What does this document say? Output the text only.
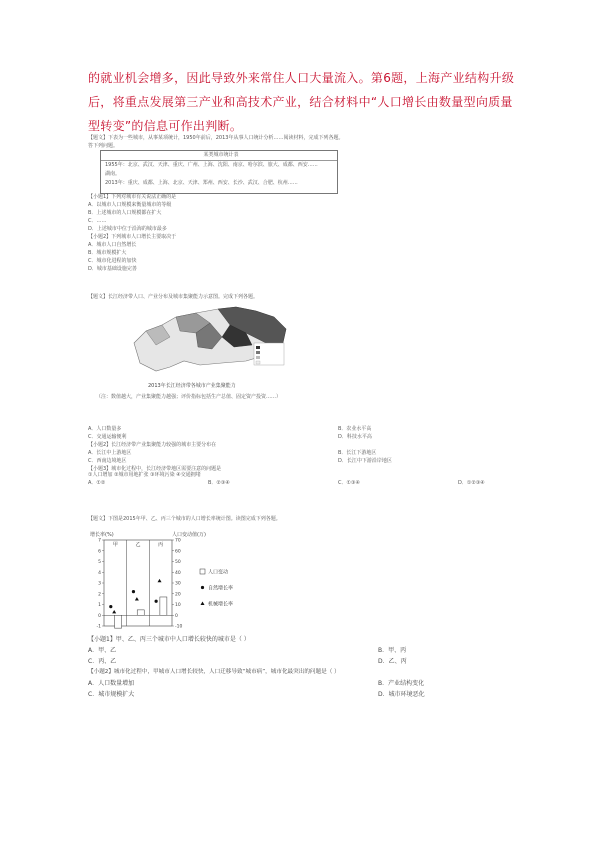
的就业机会增多，因此导致外来常住人口大量流入。第6题，上海产业结构升级后，将重点发展第三产业和高技术产业，结合材料中“人口增长由数量型向质量型转变”的信息可作出判断。
【题文】下表为一些城市，从事某项统计，1950年前后，2013年从事人口统计分析……阅读材料，完成下列各题。
答下列问题。
某类城市统计表
1955年：北京、武汉、天津、重庆、广州、上海、沈阳、南京、哈尔滨、旅大、成都、西安……
湖南。
2013年：重庆、成都、上海、北京、天津、郑州、西安、长沙、武汉、合肥、杭州……
【小题1】下列对城市有关说法正确的是
A．以城市人口规模来衡量城市的等级
B．上述城市的人口规模都在扩大
C．……
D．上述城市中位于沿海的城市最多
【小题2】下列城市人口增长主要取决于
A．城市人口自然增长
B．城市规模扩大
C．城市化进程的加快
D．城市基础设施完善
【题文】长江经济带人口、产业分布及城市集聚能力示意图。完成下列各题。
2013年长江经济带各城市产业集聚能力
（注：数值越大，产业集聚能力越强；评价指标包括生产总值、固定资产投资……）
A．人口数量多	B．农业水平高
C．交通运输便利	D．科技水平高
【小题2】长江经济带产业集聚能力较强的城市主要分布在
A．长江中上游地区	B．长江下游地区
C．西南边境地区	D．长江中下游沿岸地区
【小题3】城市化过程中，长江经济带地区需要注意的问题是
①人口增加 ②城市用地扩张 ③环境污染 ④交通拥堵
A．①②	B．②③④	C．①③④	D．①②③④
【题文】下图是2015年甲、乙、丙三个城市的人口增长率统计图。读图完成下列各题。
增长率(%)	人口变动值(万)
-1
0
1
2
3
4
5
6
7
-10
0
10
20
30
40
50
60
70
甲	乙	丙
人口变动
自然增长率
机械增长率
【小题1】甲、乙、丙三个城市中人口增长较快的城市是（ ）
A．甲、乙	B．甲、丙
C．丙、乙	D．乙、丙
【小题2】城市化过程中，甲城市人口增长较快，人口迁移导致“城市病”，城市化最突出的问题是（ ）
A．人口数量增加	B．产业结构变化
C．城市规模扩大	D．城市环境恶化
